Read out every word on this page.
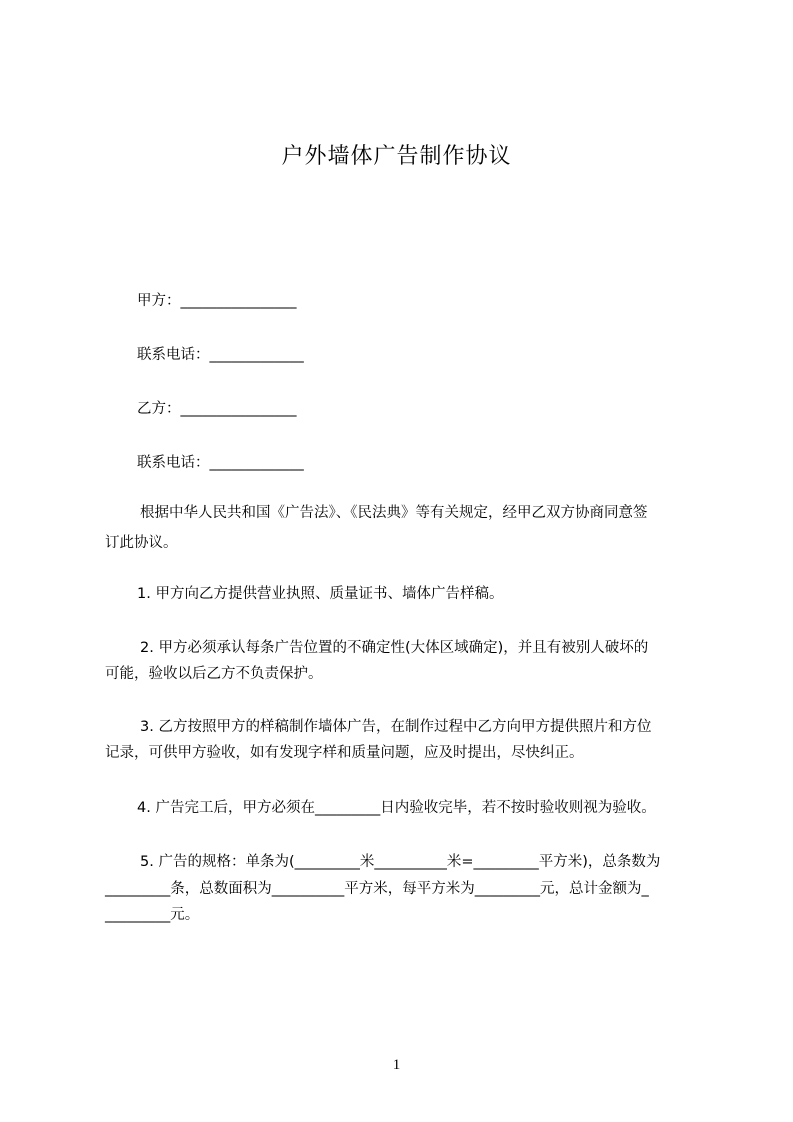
户外墙体广告制作协议
甲方：________________
联系电话：_____________
乙方：________________
联系电话：_____________
根据中华人民共和国《广告法》、《民法典》等有关规定，经甲乙双方协商同意签
订此协议。
1. 甲方向乙方提供营业执照、质量证书、墙体广告样稿。
2. 甲方必须承认每条广告位置的不确定性(大体区域确定)，并且有被别人破坏的
可能，验收以后乙方不负责保护。
3. 乙方按照甲方的样稿制作墙体广告，在制作过程中乙方向甲方提供照片和方位
记录，可供甲方验收，如有发现字样和质量问题，应及时提出，尽快纠正。
4. 广告完工后，甲方必须在_________日内验收完毕，若不按时验收则视为验收。
5. 广告的规格：单条为(_________米__________米=_________平方米)，总条数为
_________条，总数面积为__________平方米，每平方米为_________元，总计金额为_
_________元。
1
